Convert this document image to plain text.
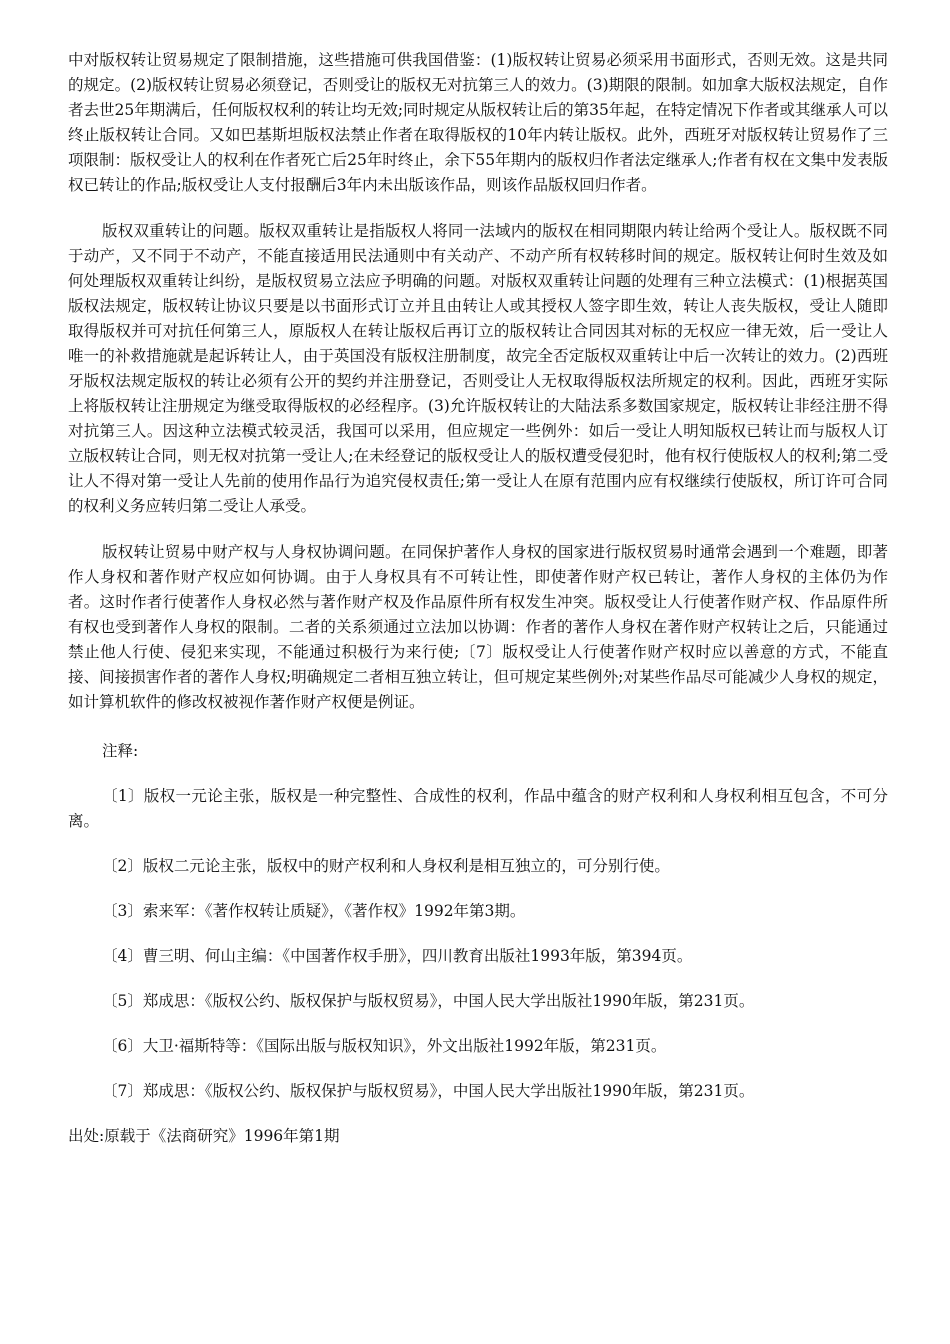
中对版权转让贸易规定了限制措施，这些措施可供我国借鉴：(1)版权转让贸易必须采用书面形式，否则无效。这是共同的规定。(2)版权转让贸易必须登记，否则受让的版权无对抗第三人的效力。(3)期限的限制。如加拿大版权法规定，自作者去世25年期满后，任何版权权利的转让均无效;同时规定从版权转让后的第35年起，在特定情况下作者或其继承人可以终止版权转让合同。又如巴基斯坦版权法禁止作者在取得版权的10年内转让版权。此外，西班牙对版权转让贸易作了三项限制：版权受让人的权利在作者死亡后25年时终止，余下55年期内的版权归作者法定继承人;作者有权在文集中发表版权已转让的作品;版权受让人支付报酬后3年内未出版该作品，则该作品版权回归作者。

版权双重转让的问题。版权双重转让是指版权人将同一法域内的版权在相同期限内转让给两个受让人。版权既不同于动产，又不同于不动产，不能直接适用民法通则中有关动产、不动产所有权转移时间的规定。版权转让何时生效及如何处理版权双重转让纠纷，是版权贸易立法应予明确的问题。对版权双重转让问题的处理有三种立法模式：(1)根据英国版权法规定，版权转让协议只要是以书面形式订立并且由转让人或其授权人签字即生效，转让人丧失版权，受让人随即取得版权并可对抗任何第三人，原版权人在转让版权后再订立的版权转让合同因其对标的无权应一律无效，后一受让人唯一的补救措施就是起诉转让人，由于英国没有版权注册制度，故完全否定版权双重转让中后一次转让的效力。(2)西班牙版权法规定版权的转让必须有公开的契约并注册登记，否则受让人无权取得版权法所规定的权利。因此，西班牙实际上将版权转让注册规定为继受取得版权的必经程序。(3)允许版权转让的大陆法系多数国家规定，版权转让非经注册不得对抗第三人。因这种立法模式较灵活，我国可以采用，但应规定一些例外：如后一受让人明知版权已转让而与版权人订立版权转让合同，则无权对抗第一受让人;在未经登记的版权受让人的版权遭受侵犯时，他有权行使版权人的权利;第二受让人不得对第一受让人先前的使用作品行为追究侵权责任;第一受让人在原有范围内应有权继续行使版权，所订许可合同的权利义务应转归第二受让人承受。

版权转让贸易中财产权与人身权协调问题。在同保护著作人身权的国家进行版权贸易时通常会遇到一个难题，即著作人身权和著作财产权应如何协调。由于人身权具有不可转让性，即使著作财产权已转让，著作人身权的主体仍为作者。这时作者行使著作人身权必然与著作财产权及作品原件所有权发生冲突。版权受让人行使著作财产权、作品原件所有权也受到著作人身权的限制。二者的关系须通过立法加以协调：作者的著作人身权在著作财产权转让之后，只能通过禁止他人行使、侵犯来实现，不能通过积极行为来行使;〔7〕版权受让人行使著作财产权时应以善意的方式，不能直接、间接损害作者的著作人身权;明确规定二者相互独立转让，但可规定某些例外;对某些作品尽可能减少人身权的规定，如计算机软件的修改权被视作著作财产权便是例证。

注释:

〔1〕版权一元论主张，版权是一种完整性、合成性的权利，作品中蕴含的财产权利和人身权利相互包含，不可分离。

〔2〕版权二元论主张，版权中的财产权利和人身权利是相互独立的，可分别行使。

〔3〕索来军：《著作权转让质疑》，《著作权》1992年第3期。

〔4〕曹三明、何山主编：《中国著作权手册》，四川教育出版社1993年版，第394页。

〔5〕郑成思：《版权公约、版权保护与版权贸易》，中国人民大学出版社1990年版，第231页。

〔6〕大卫·福斯特等：《国际出版与版权知识》，外文出版社1992年版，第231页。

〔7〕郑成思：《版权公约、版权保护与版权贸易》，中国人民大学出版社1990年版，第231页。

出处:原载于《法商研究》1996年第1期
